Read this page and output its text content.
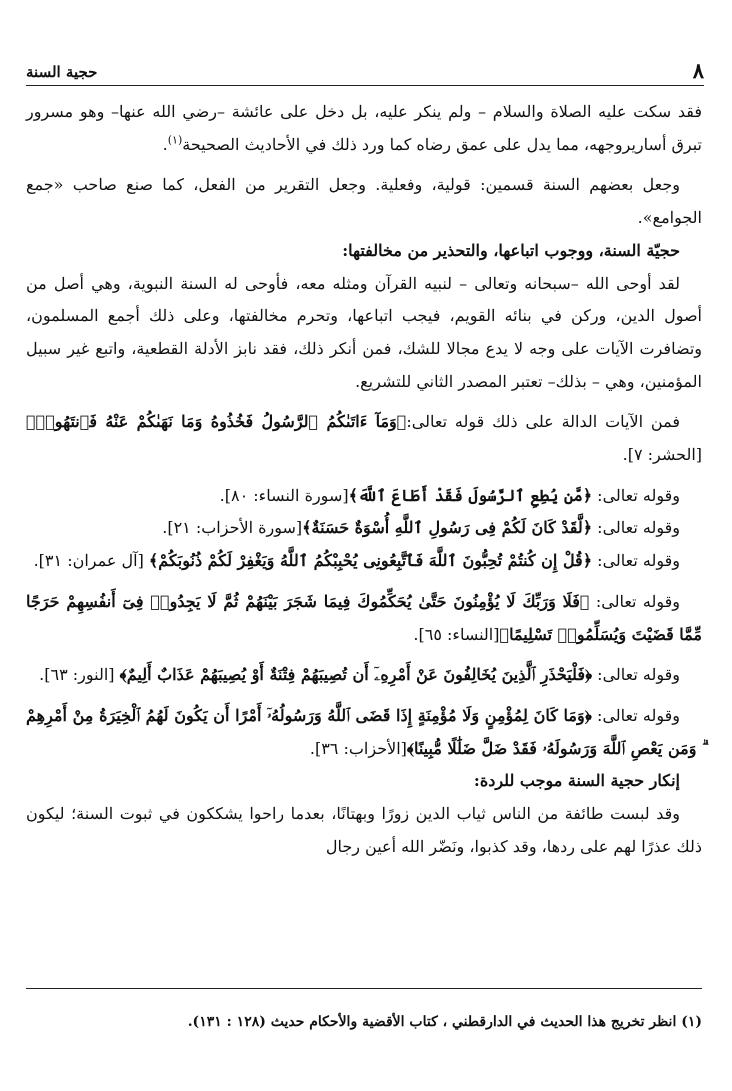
٨
حجية السنة

فقد سكت عليه الصلاة والسلام – ولم ينكر عليه، بل دخل على عائشة –رضي الله عنها– وهو مسرور تبرق أساريروجهه، مما يدل على عمق رضاه كما ورد ذلك في الأحاديث الصحيحة$^{(١)}$.

وجعل بعضهم السنة قسمين: قولية، وفعلية. وجعل التقرير من الفعل، كما صنع صاحب «جمع الجوامع».

حجيّة السنة، ووجوب اتباعها، والتحذير من مخالفتها:

لقد أوحى الله –سبحانه وتعالى – لنبيه القرآن ومثله معه، فأوحى له السنة النبوية، وهي أصل من أصول الدين، وركن في بنائه القويم، فيجب اتباعها، وتحرم مخالفتها، وعلى ذلك أجمع المسلمون، وتضافرت الآيات على وجه لا يدع مجالا للشك، فمن أنكر ذلك، فقد نابز الأدلة القطعية، واتبع غير سبيل المؤمنين، وهي – بذلك– تعتبر المصدر الثاني للتشريع.

فمن الآيات الدالة على ذلك قوله تعالى:﴿وَمَآ ءَاتَىٰكُمُ ٱلرَّسُولُ فَخُذُوهُ وَمَا نَهَىٰكُمْ عَنْهُ فَٱنتَهُوا۟﴾ [الحشر: ٧].

وقوله تعالى: ﴿مَّن يُطِعِ ٱلرَّسُولَ فَقَدْ أَطَاعَ ٱللَّهَ﴾[سورة النساء: ٨٠].

وقوله تعالى: ﴿لَّقَدْ كَانَ لَكُمْ فِى رَسُولِ ٱللَّهِ أُسْوَةٌ حَسَنَةٌ﴾[سورة الأحزاب: ٢١].

وقوله تعالى: ﴿قُلْ إِن كُنتُمْ تُحِبُّونَ ٱللَّهَ فَٱتَّبِعُونِى يُحْبِبْكُمُ ٱللَّهُ وَيَغْفِرْ لَكُمْ ذُنُوبَكُمْ﴾ [آل عمران: ٣١].

وقوله تعالى: ﴿فَلَا وَرَبِّكَ لَا يُؤْمِنُونَ حَتَّىٰ يُحَكِّمُوكَ فِيمَا شَجَرَ بَيْنَهُمْ ثُمَّ لَا يَجِدُوا۟ فِىٓ أَنفُسِهِمْ حَرَجًا مِّمَّا قَضَيْتَ وَيُسَلِّمُوا۟ تَسْلِيمًا﴾[النساء: ٦٥].

وقوله تعالى: ﴿فَلْيَحْذَرِ ٱلَّذِينَ يُخَالِفُونَ عَنْ أَمْرِهِۦٓ أَن تُصِيبَهُمْ فِتْنَةٌ أَوْ يُصِيبَهُمْ عَذَابٌ أَلِيمٌ﴾ [النور: ٦٣].

وقوله تعالى: ﴿وَمَا كَانَ لِمُؤْمِنٍ وَلَا مُؤْمِنَةٍ إِذَا قَضَى ٱللَّهُ وَرَسُولُهُۥٓ أَمْرًا أَن يَكُونَ لَهُمُ ٱلْخِيَرَةُ مِنْ أَمْرِهِمْ ۗ وَمَن يَعْصِ ٱللَّهَ وَرَسُولَهُۥ فَقَدْ ضَلَّ ضَلَٰلًا مُّبِينًا﴾[الأحزاب: ٣٦].

إنكار حجية السنة موجب للردة:

وقد لبست طائفة من الناس ثياب الدين زورًا وبهتانًا، بعدما راحوا يشككون في ثبوت السنة؛ ليكون ذلك عذرًا لهم على ردها، وقد كذبوا، ونَضّر الله أعين رجال

(١) انظر تخريج هذا الحديث في الدارقطني ، كتاب الأقضية والأحكام حديث (١٢٨ : ١٣١).
